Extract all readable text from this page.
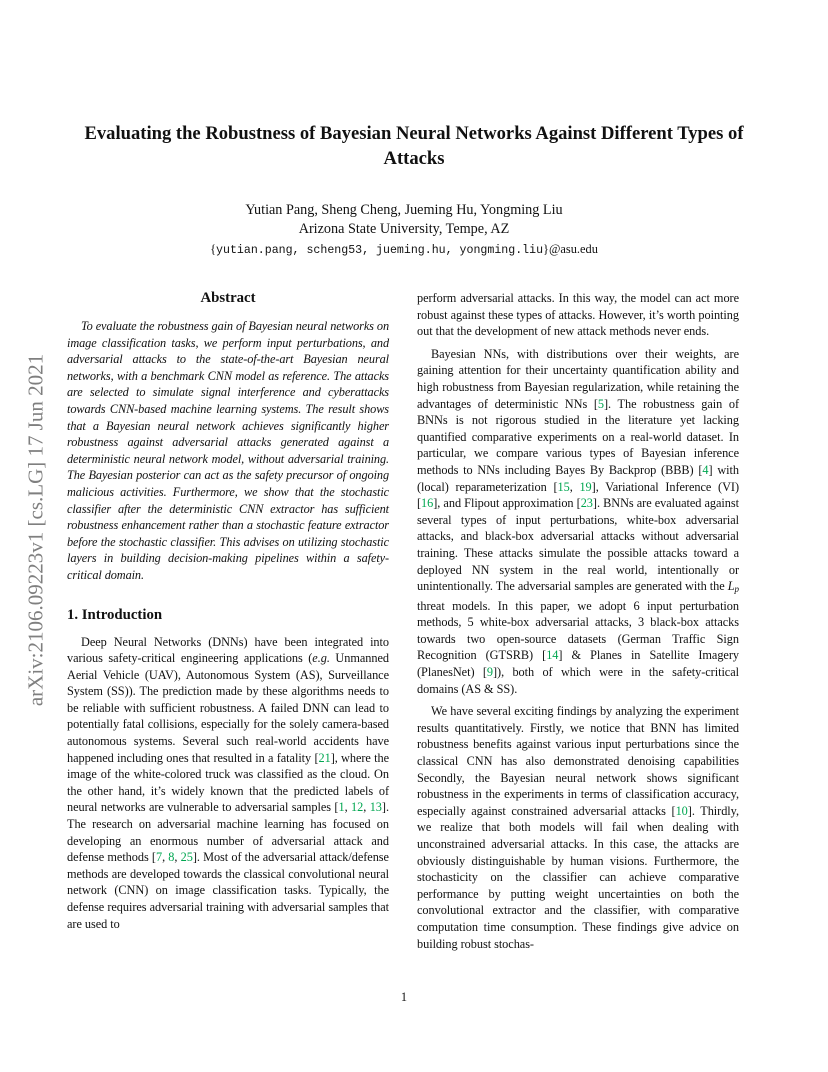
arXiv:2106.09223v1 [cs.LG] 17 Jun 2021
Evaluating the Robustness of Bayesian Neural Networks Against Different Types of Attacks
Yutian Pang, Sheng Cheng, Jueming Hu, Yongming Liu
Arizona State University, Tempe, AZ
{yutian.pang, scheng53, jueming.hu, yongming.liu}@asu.edu
Abstract

To evaluate the robustness gain of Bayesian neural networks on image classification tasks, we perform input perturbations, and adversarial attacks to the state-of-the-art Bayesian neural networks, with a benchmark CNN model as reference. The attacks are selected to simulate signal interference and cyberattacks towards CNN-based machine learning systems. The result shows that a Bayesian neural network achieves significantly higher robustness against adversarial attacks generated against a deterministic neural network model, without adversarial training. The Bayesian posterior can act as the safety precursor of ongoing malicious activities. Furthermore, we show that the stochastic classifier after the deterministic CNN extractor has sufficient robustness enhancement rather than a stochastic feature extractor before the stochastic classifier. This advises on utilizing stochastic layers in building decision-making pipelines within a safety-critical domain.

1. Introduction

Deep Neural Networks (DNNs) have been integrated into various safety-critical engineering applications (e.g. Unmanned Aerial Vehicle (UAV), Autonomous System (AS), Surveillance System (SS)). The prediction made by these algorithms needs to be reliable with sufficient robustness. A failed DNN can lead to potentially fatal collisions, especially for the solely camera-based autonomous systems. Several such real-world accidents have happened including ones that resulted in a fatality [21], where the image of the white-colored truck was classified as the cloud. On the other hand, it’s widely known that the predicted labels of neural networks are vulnerable to adversarial samples [1, 12, 13]. The research on adversarial machine learning has focused on developing an enormous number of adversarial attack and defense methods [7, 8, 25]. Most of the adversarial attack/defense methods are developed towards the classical convolutional neural network (CNN) on image classification tasks. Typically, the defense requires adversarial training with adversarial samples that are used to

perform adversarial attacks. In this way, the model can act more robust against these types of attacks. However, it’s worth pointing out that the development of new attack methods never ends.

Bayesian NNs, with distributions over their weights, are gaining attention for their uncertainty quantification ability and high robustness from Bayesian regularization, while retaining the advantages of deterministic NNs [5]. The robustness gain of BNNs is not rigorous studied in the literature yet lacking quantified comparative experiments on a real-world dataset. In particular, we compare various types of Bayesian inference methods to NNs including Bayes By Backprop (BBB) [4] with (local) reparameterization [15, 19], Variational Inference (VI) [16], and Flipout approximation [23]. BNNs are evaluated against several types of input perturbations, white-box adversarial attacks, and black-box adversarial attacks without adversarial training. These attacks simulate the possible attacks toward a deployed NN system in the real world, intentionally or unintentionally. The adversarial samples are generated with the $L_p$ threat models. In this paper, we adopt 6 input perturbation methods, 5 white-box adversarial attacks, 3 black-box attacks towards two open-source datasets (German Traffic Sign Recognition (GTSRB) [14] & Planes in Satellite Imagery (PlanesNet) [9]), both of which were in the safety-critical domains (AS & SS).

We have several exciting findings by analyzing the experiment results quantitatively. Firstly, we notice that BNN has limited robustness benefits against various input perturbations since the classical CNN has also demonstrated denoising capabilities Secondly, the Bayesian neural network shows significant robustness in the experiments in terms of classification accuracy, especially against constrained adversarial attacks [10]. Thirdly, we realize that both models will fail when dealing with unconstrained adversarial attacks. In this case, the attacks are obviously distinguishable by human visions. Furthermore, the stochasticity on the classifier can achieve comparative performance by putting weight uncertainties on both the convolutional extractor and the classifier, with comparative computation time consumption. These findings give advice on building robust stochas-

1
